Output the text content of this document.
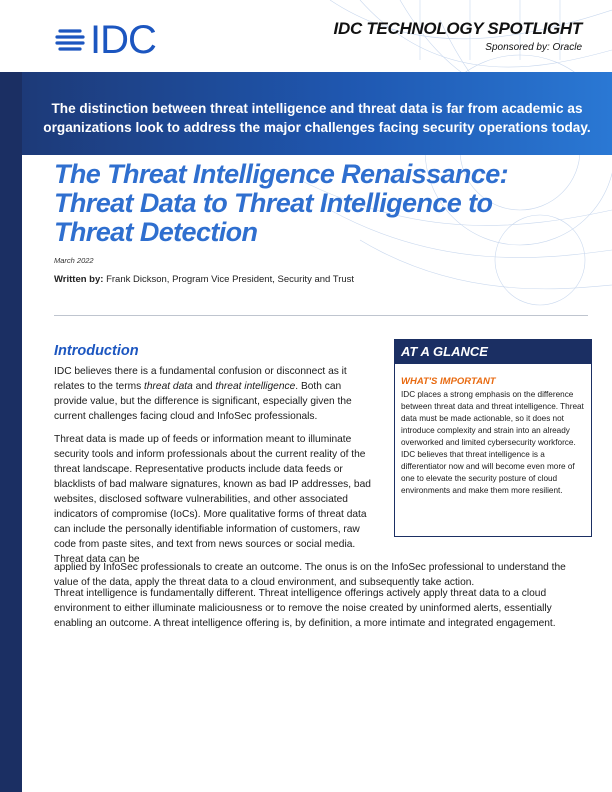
IDC	IDC TECHNOLOGY SPOTLIGHT
Sponsored by: Oracle
The distinction between threat intelligence and threat data is far from academic as organizations look to address the major challenges facing security operations today.
The Threat Intelligence Renaissance:
Threat Data to Threat Intelligence to
Threat Detection
March 2022
Written by: Frank Dickson, Program Vice President, Security and Trust
Introduction
IDC believes there is a fundamental confusion or disconnect as it relates to the terms threat data and threat intelligence. Both can provide value, but the difference is significant, especially given the current challenges facing cloud and InfoSec professionals.
Threat data is made up of feeds or information meant to illuminate security tools and inform professionals about the current reality of the threat landscape. Representative products include data feeds or blacklists of bad malware signatures, known as bad IP addresses, bad websites, disclosed software vulnerabilities, and other associated indicators of compromise (IoCs). More qualitative forms of threat data can include the personally identifiable information of customers, raw code from paste sites, and text from news sources or social media. Threat data can be
applied by InfoSec professionals to create an outcome. The onus is on the InfoSec professional to understand the value of the data, apply the threat data to a cloud environment, and subsequently take action.
Threat intelligence is fundamentally different. Threat intelligence offerings actively apply threat data to a cloud environment to either illuminate maliciousness or to remove the noise created by uninformed alerts, essentially enabling an outcome. A threat intelligence offering is, by definition, a more intimate and integrated engagement.
AT A GLANCE
WHAT'S IMPORTANT
IDC places a strong emphasis on the difference between threat data and threat intelligence. Threat data must be made actionable, so it does not introduce complexity and strain into an already overworked and limited cybersecurity workforce. IDC believes that threat intelligence is a differentiator now and will become even more of one to elevate the security posture of cloud environments and make them more resilient.
